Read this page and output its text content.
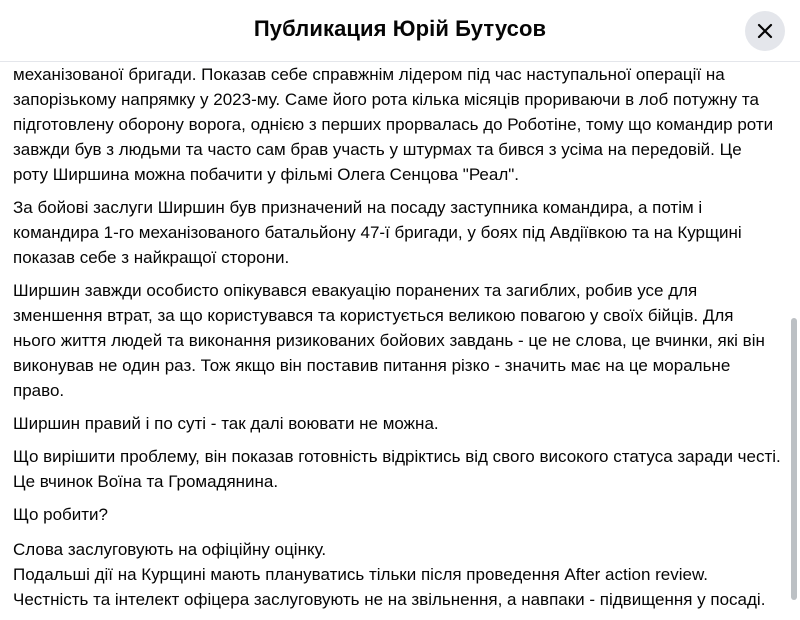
Публикация Юрій Бутусов

механізованої бригади. Показав себе справжнім лідером під час наступальної операції на запорізькому напрямку у 2023-му. Саме його рота кілька місяців прориваючи в лоб потужну та підготовлену оборону ворога, однією з перших прорвалась до Роботіне, тому що командир роти завжди був з людьми та часто сам брав участь у штурмах та бився з усіма на передовій. Це роту Ширшина можна побачити у фільмі Олега Сенцова "Реал".

За бойові заслуги Ширшин був призначений на посаду заступника командира, а потім і командира 1-го механізованого батальйону 47-ї бригади, у боях під Авдіївкою та на Курщині показав себе з найкращої сторони.

Ширшин завжди особисто опікувався евакуацію поранених та загиблих, робив усе для зменшення втрат, за що користувався та користується великою повагою у своїх бійців. Для нього життя людей та виконання ризикованих бойових завдань - це не слова, це вчинки, які він виконував не один раз. Тож якщо він поставив питання різко - значить має на це моральне право.

Ширшин правий і по суті - так далі воювати не можна.

Що вирішити проблему, він показав готовність відріктись від свого високого статуса заради честі. Це вчинок Воїна та Громадянина.

Що робити?

Слова заслуговують на офіційну оцінку.
Подальші дії на Курщині мають плануватись тільки після проведення After action review.
Честність та інтелект офіцера заслуговують не на звільнення, а навпаки - підвищення у посаді.
